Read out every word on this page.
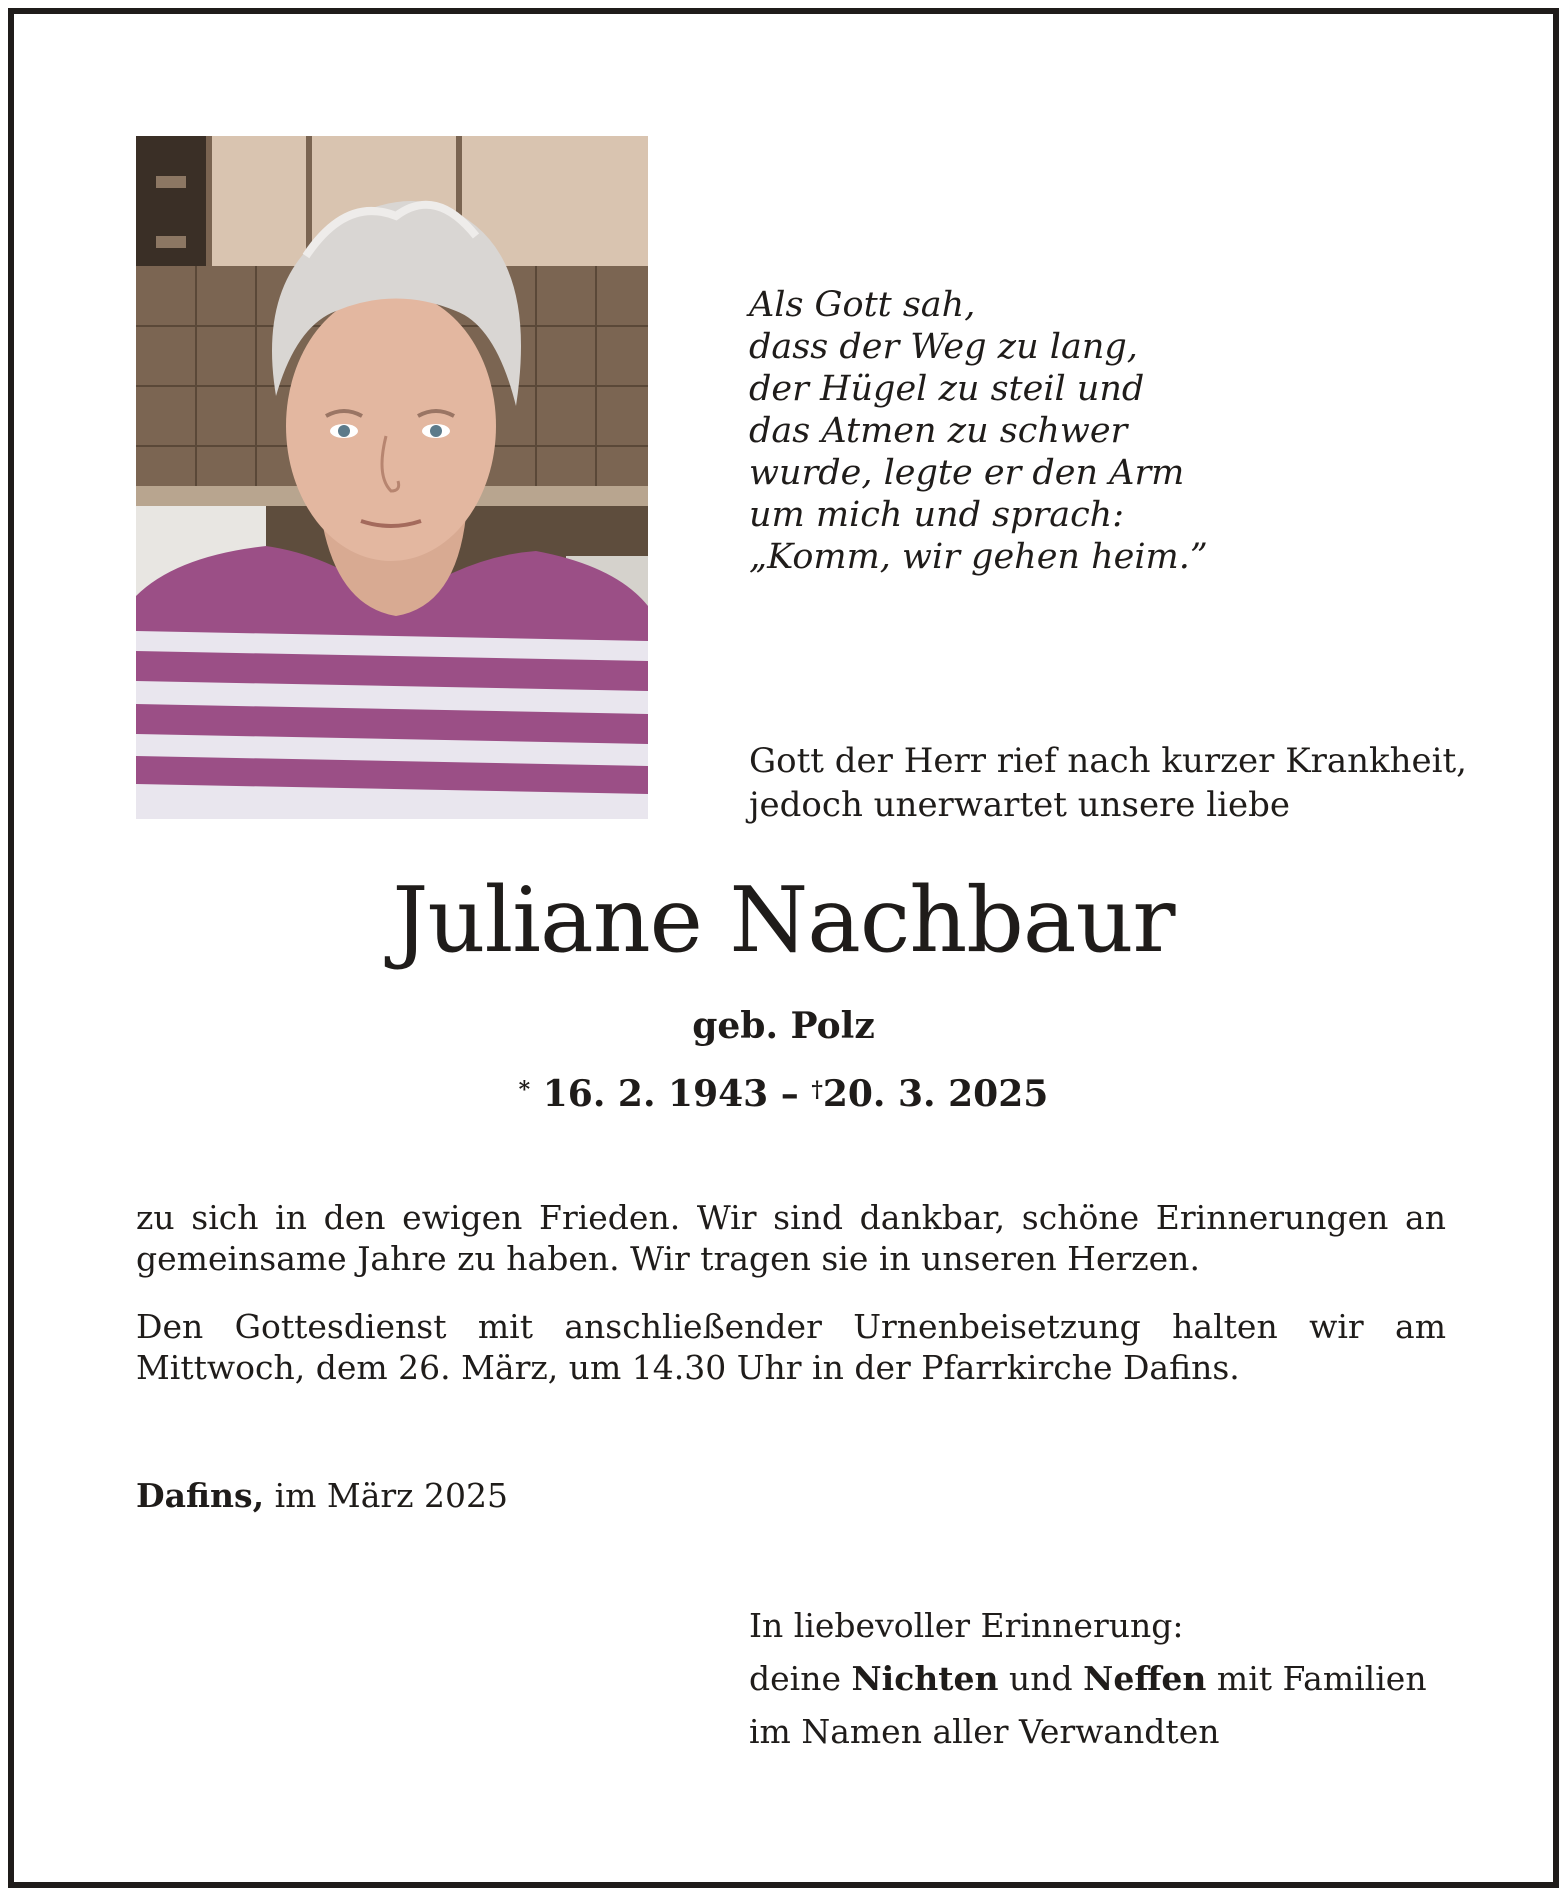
Als Gott sah,
dass der Weg zu lang,
der Hügel zu steil und
das Atmen zu schwer
wurde, legte er den Arm
um mich und sprach:
„Komm, wir gehen heim.”
Gott der Herr rief nach kurzer Krankheit,
jedoch unerwartet unsere liebe
Juliane Nachbaur
geb. Polz
* 16. 2. 1943 – †20. 3. 2025
zu sich in den ewigen Frieden. Wir sind dankbar, schöne Erinnerungen an gemeinsame Jahre zu haben. Wir tragen sie in unseren Herzen.
Den Gottesdienst mit anschließender Urnenbeisetzung halten wir am Mittwoch, dem 26. März, um 14.30 Uhr in der Pfarrkirche Dafins.
Dafins, im März 2025
In liebevoller Erinnerung:
deine Nichten und Neffen mit Familien
im Namen aller Verwandten
